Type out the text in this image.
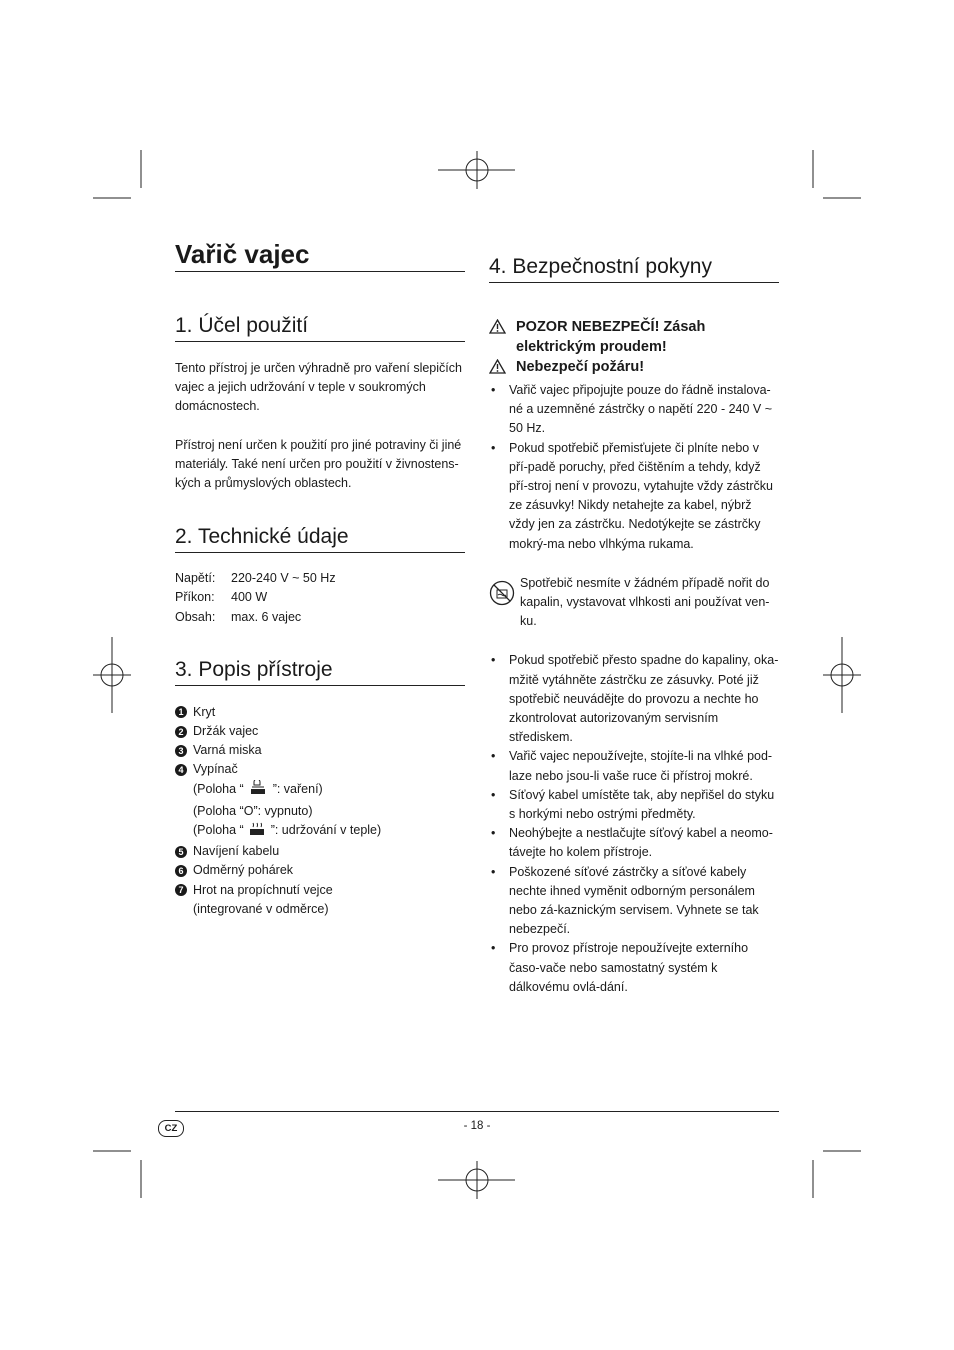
Vařič vajec
1. Účel použití

Tento přístroj je určen výhradně pro vaření slepičích vajec a jejich udržování v teple v soukromých domácnostech.

Přístroj není určen k použití pro jiné potraviny či jiné materiály. Také není určen pro použití v živnostens-kých a průmyslových oblastech.

2. Technické údaje
Napětí:	220-240 V ~ 50 Hz
Příkon:	400 W
Obsah:	max. 6 vajec
3. Popis přístroje
1 Kryt
2 Držák vajec
3 Varná miska
4 Vypínač
(Poloha “ ”: vaření)
(Poloha “O”: vypnuto)
(Poloha “ ”: udržování v teple)
5 Navíjení kabelu
6 Odměrný pohárek
7 Hrot na propíchnutí vejce
(integrované v odměrce)
4. Bezpečnostní pokyny
POZOR NEBEZPEČÍ! Zásah
elektrickým proudem!
Nebezpečí požáru!
•	Vařič vajec připojujte pouze do řádně instalova-né a uzemněné zástrčky o napětí 220 - 240 V ~ 50 Hz.
•	Pokud spotřebič přemisťujete či plníte nebo v pří-padě poruchy, před čištěním a tehdy, když pří-stroj není v provozu, vytahujte vždy zástrčku ze zásuvky! Nikdy netahejte za kabel, nýbrž vždy jen za zástrčku. Nedotýkejte se zástrčky mokrý-ma nebo vlhkýma rukama.
Spotřebič nesmíte v žádném případě nořit do kapalin, vystavovat vlhkosti ani používat ven-ku.
•	Pokud spotřebič přesto spadne do kapaliny, oka-mžitě vytáhněte zástrčku ze zásuvky. Poté již spotřebič neuvádějte do provozu a nechte ho zkontrolovat autorizovaným servisním střediskem.
•	Vařič vajec nepoužívejte, stojíte-li na vlhké pod-laze nebo jsou-li vaše ruce či přístroj mokré.
•	Síťový kabel umístěte tak, aby nepřišel do styku s horkými nebo ostrými předměty.
•	Neohýbejte a nestlačujte síťový kabel a neomo-távejte ho kolem přístroje.
•	Poškozené síťové zástrčky a síťové kabely nechte ihned vyměnit odborným personálem nebo zá-kaznickým servisem. Vyhnete se tak nebezpečí.
•	Pro provoz přístroje nepoužívejte externího časo-vače nebo samostatný systém k dálkovému ovlá-dání.
CZ	- 18 -
